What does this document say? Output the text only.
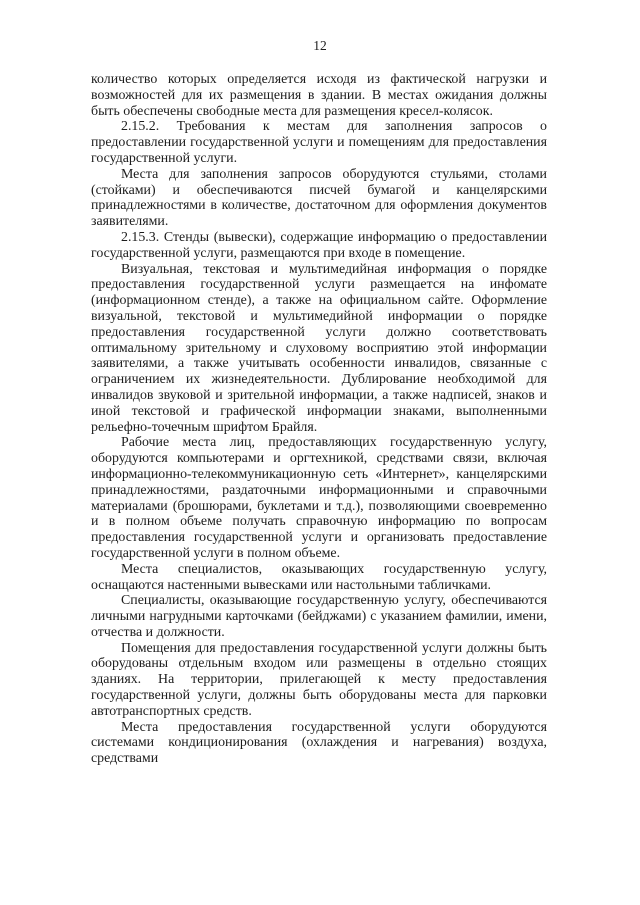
12

количество которых определяется исходя из фактической нагрузки и возможностей для их размещения в здании. В местах ожидания должны быть обеспечены свободные места для размещения кресел-колясок.

2.15.2. Требования к местам для заполнения запросов о предоставлении государственной услуги и помещениям для предоставления государственной услуги.

Места для заполнения запросов оборудуются стульями, столами (стойками) и обеспечиваются писчей бумагой и канцелярскими принадлежностями в количестве, достаточном для оформления документов заявителями.

2.15.3. Стенды (вывески), содержащие информацию о предоставлении государственной услуги, размещаются при входе в помещение.

Визуальная, текстовая и мультимедийная информация о порядке предоставления государственной услуги размещается на инфомате (информационном стенде), а также на официальном сайте. Оформление визуальной, текстовой и мультимедийной информации о порядке предоставления государственной услуги должно соответствовать оптимальному зрительному и слуховому восприятию этой информации заявителями, а также учитывать особенности инвалидов, связанные с ограничением их жизнедеятельности. Дублирование необходимой для инвалидов звуковой и зрительной информации, а также надписей, знаков и иной текстовой и графической информации знаками, выполненными рельефно-точечным шрифтом Брайля.

Рабочие места лиц, предоставляющих государственную услугу, оборудуются компьютерами и оргтехникой, средствами связи, включая информационно-телекоммуникационную сеть «Интернет», канцелярскими принадлежностями, раздаточными информационными и справочными материалами (брошюрами, буклетами и т.д.), позволяющими своевременно и в полном объеме получать справочную информацию по вопросам предоставления государственной услуги и организовать предоставление государственной услуги в полном объеме.

Места специалистов, оказывающих государственную услугу, оснащаются настенными вывесками или настольными табличками.

Специалисты, оказывающие государственную услугу, обеспечиваются личными нагрудными карточками (бейджами) с указанием фамилии, имени, отчества и должности.

Помещения для предоставления государственной услуги должны быть оборудованы отдельным входом или размещены в отдельно стоящих зданиях. На территории, прилегающей к месту предоставления государственной услуги, должны быть оборудованы места для парковки автотранспортных средств.

Места предоставления государственной услуги оборудуются системами кондиционирования (охлаждения и нагревания) воздуха, средствами
